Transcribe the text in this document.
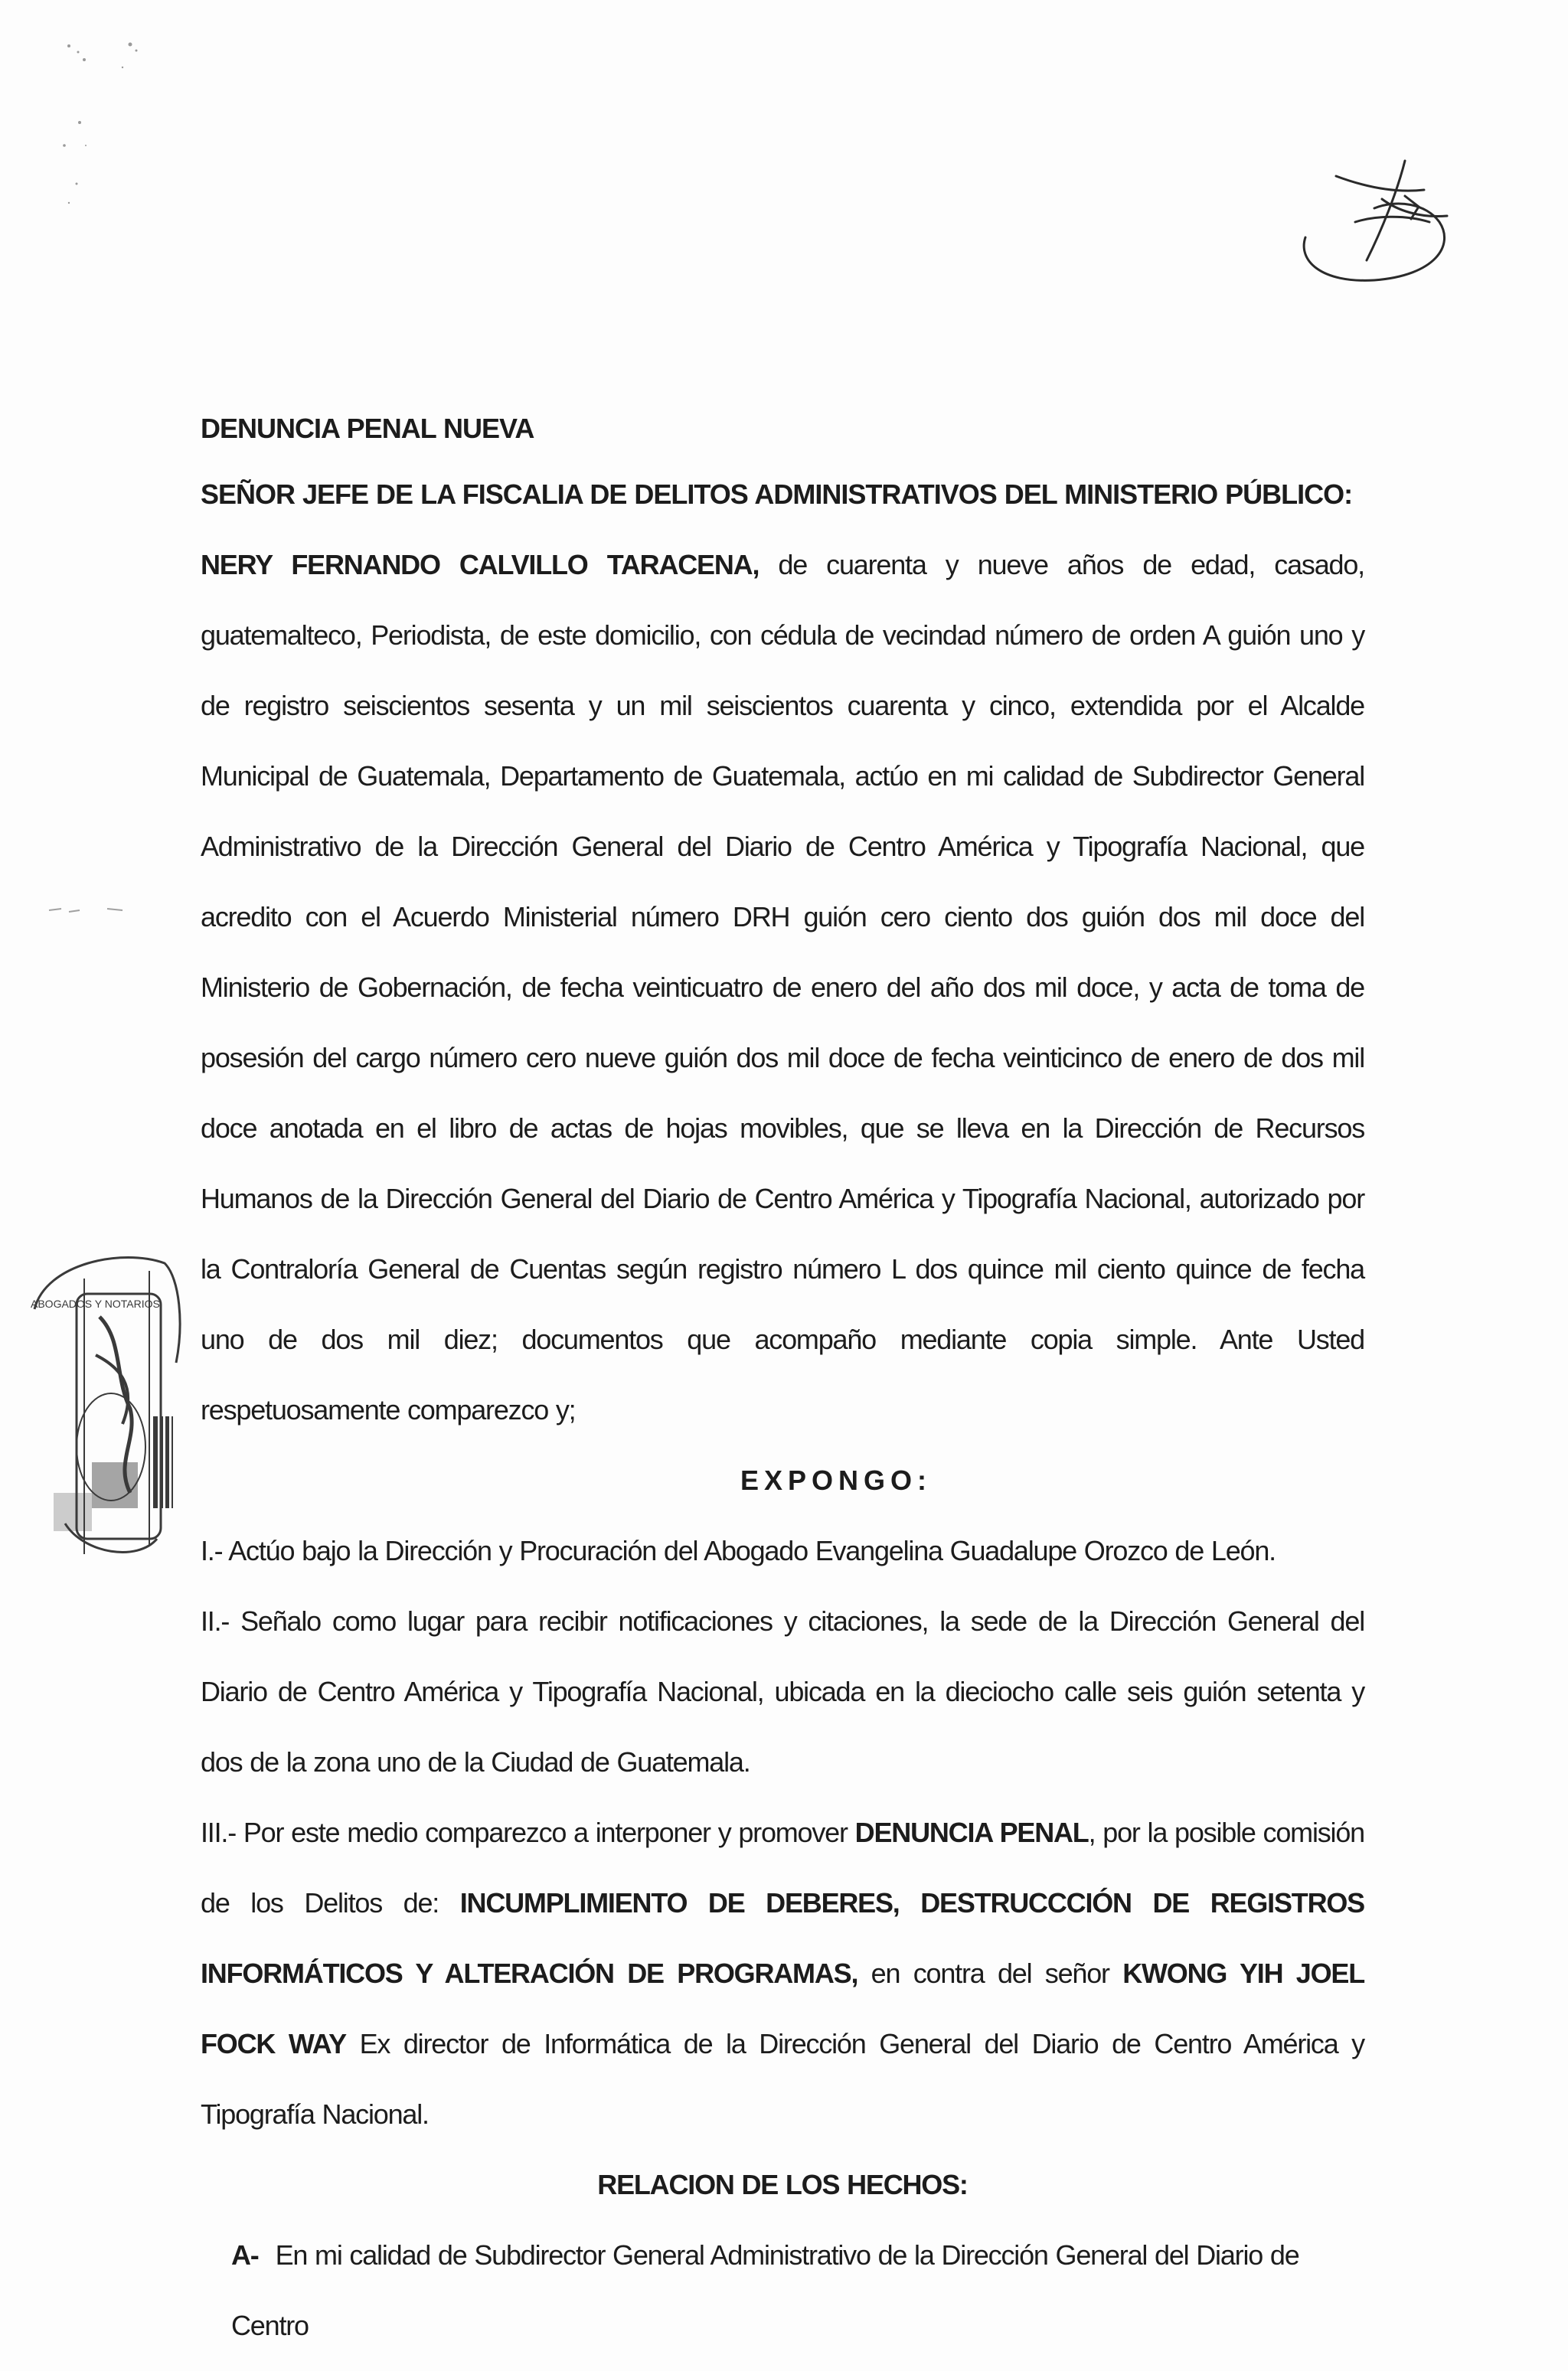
ABOGADOS Y NOTARIOS

DENUNCIA PENAL NUEVA

SEÑOR JEFE DE LA FISCALIA DE DELITOS ADMINISTRATIVOS DEL MINISTERIO PÚBLICO:

NERY FERNANDO CALVILLO TARACENA, de cuarenta y nueve años de edad, casado, guatemalteco, Periodista, de este domicilio, con cédula de vecindad número de orden A guión uno y de registro seiscientos sesenta y un mil seiscientos cuarenta y cinco, extendida por el Alcalde Municipal de Guatemala, Departamento de Guatemala, actúo en mi calidad de Subdirector General Administrativo de la Dirección General del Diario de Centro América y Tipografía Nacional, que acredito con el Acuerdo Ministerial número DRH guión cero ciento dos guión dos mil doce del Ministerio de Gobernación, de fecha veinticuatro de enero del año dos mil doce, y acta de toma de posesión del cargo número cero nueve guión dos mil doce de fecha veinticinco de enero de dos mil doce anotada en el libro de actas de hojas movibles, que se lleva en la Dirección de Recursos Humanos de la Dirección General del Diario de Centro América y Tipografía Nacional, autorizado por la Contraloría General de Cuentas según registro número L dos quince mil ciento quince de fecha uno de dos mil diez; documentos que acompaño mediante copia simple. Ante Usted respetuosamente comparezco y;

EXPONGO:

I.- Actúo bajo la Dirección y Procuración del Abogado Evangelina Guadalupe Orozco de León.

II.- Señalo como lugar para recibir notificaciones y citaciones, la sede de la Dirección General del Diario de Centro América y Tipografía Nacional, ubicada en la dieciocho calle seis guión setenta y dos de la zona uno de la Ciudad de Guatemala.

III.- Por este medio comparezco a interponer y promover DENUNCIA PENAL, por la posible comisión de los Delitos de: INCUMPLIMIENTO DE DEBERES, DESTRUCCCIÓN DE REGISTROS INFORMÁTICOS Y ALTERACIÓN DE PROGRAMAS, en contra del señor KWONG YIH JOEL FOCK WAY Ex director de Informática de la Dirección General del Diario de Centro América y Tipografía Nacional.

RELACION DE LOS HECHOS:

A- En mi calidad de Subdirector General Administrativo de la Dirección General del Diario de Centro
